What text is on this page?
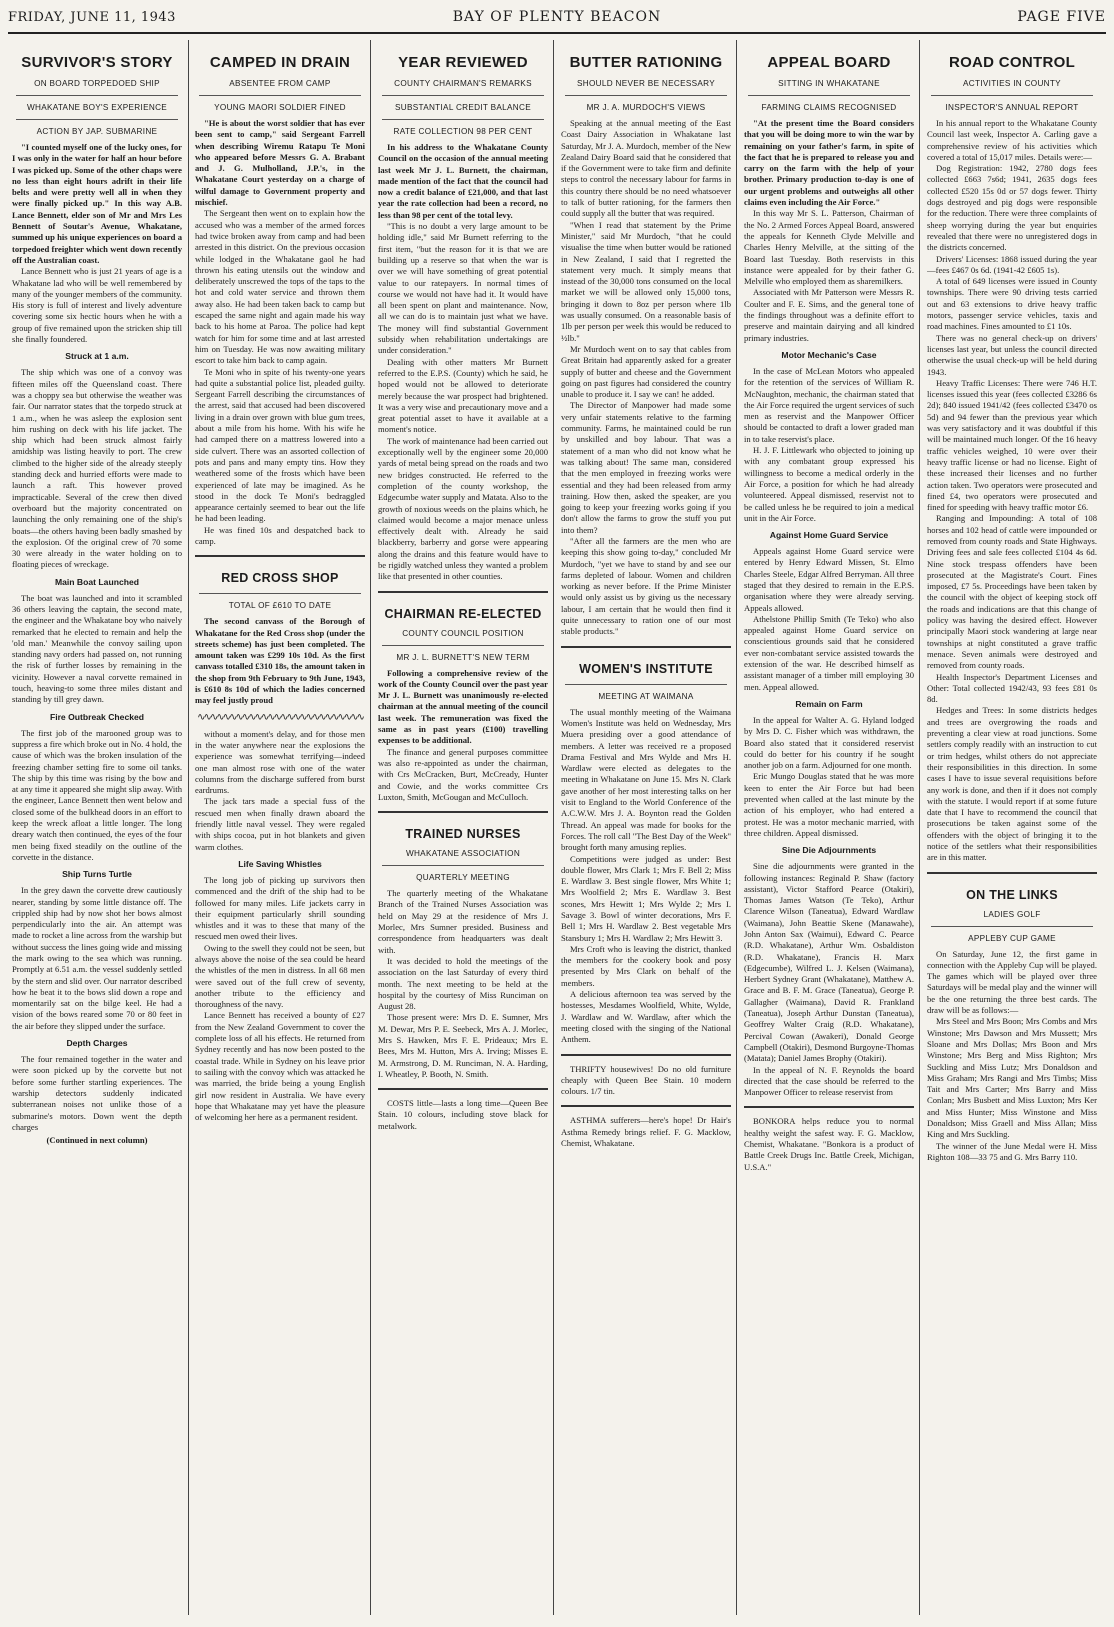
FRIDAY, JUNE 11, 1943	BAY OF PLENTY BEACON	PAGE FIVE
SURVIVOR'S STORY
ON BOARD TORPEDOED SHIP
WHAKATANE BOY'S EXPERIENCE
ACTION BY JAP. SUBMARINE

"I counted myself one of the lucky ones, for I was only in the water for half an hour before I was picked up. Some of the other chaps were no less than eight hours adrift in their life belts and were pretty well all in when they were finally picked up." In this way A.B. Lance Bennett, elder son of Mr and Mrs Les Bennett of Soutar's Avenue, Whakatane, summed up his unique experiences on board a torpedoed freighter which went down recently off the Australian coast.

Lance Bennett who is just 21 years of age is a Whakatane lad who will be well remembered by many of the younger members of the community. His story is full of interest and lively adventure covering some six hectic hours when he with a group of five remained upon the stricken ship till she finally foundered.

Struck at 1 a.m.

The ship which was one of a convoy was fifteen miles off the Queensland coast. There was a choppy sea but otherwise the weather was fair. Our narrator states that the torpedo struck at 1 a.m., when he was asleep the explosion sent him rushing on deck with his life jacket. The ship which had been struck almost fairly amidship was listing heavily to port. The crew climbed to the higher side of the already steeply standing deck and hurried efforts were made to launch a raft. This however proved impracticable. Several of the crew then dived overboard but the majority concentrated on launching the only remaining one of the ship's boats—the others having been badly smashed by the explosion. Of the original crew of 70 some 30 were already in the water holding on to floating pieces of wreckage.

Main Boat Launched

The boat was launched and into it scrambled 36 others leaving the captain, the second mate, the engineer and the Whakatane boy who naively remarked that he elected to remain and help the 'old man.' Meanwhile the convoy sailing upon standing navy orders had passed on, not running the risk of further losses by remaining in the vicinity. However a naval corvette remained in touch, heaving-to some three miles distant and standing by till grey dawn.

Fire Outbreak Checked

The first job of the marooned group was to suppress a fire which broke out in No. 4 hold, the cause of which was the broken insulation of the freezing chamber setting fire to some oil tanks. The ship by this time was rising by the bow and at any time it appeared she might slip away. With the engineer, Lance Bennett then went below and closed some of the bulkhead doors in an effort to keep the wreck afloat a little longer. The long dreary watch then continued, the eyes of the four men being fixed steadily on the outline of the corvette in the distance.

Ship Turns Turtle

In the grey dawn the corvette drew cautiously nearer, standing by some little distance off. The crippled ship had by now shot her bows almost perpendicularly into the air. An attempt was made to rocket a line across from the warship but without success the lines going wide and missing the mark owing to the sea which was running. Promptly at 6.51 a.m. the vessel suddenly settled by the stern and slid over. Our narrator described how he beat it to the bows slid down a rope and momentarily sat on the bilge keel. He had a vision of the bows reared some 70 or 80 feet in the air before they slipped under the surface.

Depth Charges

The four remained together in the water and were soon picked up by the corvette but not before some further startling experiences. The warship detectors suddenly indicated subterranean noises not unlike those of a submarine's motors. Down went the depth charges

(Continued in next column)
CAMPED IN DRAIN
ABSENTEE FROM CAMP
YOUNG MAORI SOLDIER FINED

"He is about the worst soldier that has ever been sent to camp," said Sergeant Farrell when describing Wiremu Ratapu Te Moni who appeared before Messrs G. A. Brabant and J. G. Mulholland, J.P.'s, in the Whakatane Court yesterday on a charge of wilful damage to Government property and mischief.

The Sergeant then went on to explain how the accused who was a member of the armed forces had twice broken away from camp and had been arrested in this district. On the previous occasion while lodged in the Whakatane gaol he had thrown his eating utensils out the window and deliberately unscrewed the tops of the taps to the hot and cold water service and thrown them away also. He had been taken back to camp but escaped the same night and again made his way back to his home at Paroa. The police had kept watch for him for some time and at last arrested him on Tuesday. He was now awaiting military escort to take him back to camp again.

Te Moni who in spite of his twenty-one years had quite a substantial police list, pleaded guilty. Sergeant Farrell describing the circumstances of the arrest, said that accused had been discovered living in a drain over grown with blue gum trees, about a mile from his home. With his wife he had camped there on a mattress lowered into a side culvert. There was an assorted collection of pots and pans and many empty tins. How they weathered some of the frosts which have been experienced of late may be imagined. As he stood in the dock Te Moni's bedraggled appearance certainly seemed to bear out the life he had been leading.

He was fined 10s and despatched back to camp.

RED CROSS SHOP
TOTAL OF £610 TO DATE

The second canvass of the Borough of Whakatane for the Red Cross shop (under the streets scheme) has just been completed. The amount taken was £299 10s 10d. As the first canvass totalled £310 18s, the amount taken in the shop from 9th February to 9th June, 1943, is £610 8s 10d of which the ladies concerned may feel justly proud

∿∿∿∿∿∿∿∿∿∿∿∿∿∿∿∿∿∿∿∿∿∿∿∿∿∿

without a moment's delay, and for those men in the water anywhere near the explosions the experience was somewhat terrifying—indeed one man almost rose with one of the water columns from the discharge suffered from burst eardrums.

The jack tars made a special fuss of the rescued men when finally drawn aboard the friendly little naval vessel. They were regaled with ships cocoa, put in hot blankets and given warm clothes.

Life Saving Whistles

The long job of picking up survivors then commenced and the drift of the ship had to be followed for many miles. Life jackets carry in their equipment particularly shrill sounding whistles and it was to these that many of the rescued men owed their lives.

Owing to the swell they could not be seen, but always above the noise of the sea could be heard the whistles of the men in distress. In all 68 men were saved out of the full crew of seventy, another tribute to the efficiency and thoroughness of the navy.

Lance Bennett has received a bounty of £27 from the New Zealand Government to cover the complete loss of all his effects. He returned from Sydney recently and has now been posted to the coastal trade. While in Sydney on his leave prior to sailing with the convoy which was attacked he was married, the bride being a young English girl now resident in Australia. We have every hope that Whakatane may yet have the pleasure of welcoming her here as a permanent resident.

YEAR REVIEWED
COUNTY CHAIRMAN'S REMARKS
SUBSTANTIAL CREDIT BALANCE
RATE COLLECTION 98 PER CENT

In his address to the Whakatane County Council on the occasion of the annual meeting last week Mr J. L. Burnett, the chairman, made mention of the fact that the council had now a credit balance of £21,000, and that last year the rate collection had been a record, no less than 98 per cent of the total levy.

"This is no doubt a very large amount to be holding idle," said Mr Burnett referring to the first item, "but the reason for it is that we are building up a reserve so that when the war is over we will have something of great potential value to our ratepayers. In normal times of course we would not have had it. It would have all been spent on plant and maintenance. Now, all we can do is to maintain just what we have. The money will find substantial Government subsidy when rehabilitation undertakings are under consideration."

Dealing with other matters Mr Burnett referred to the E.P.S. (County) which he said, he hoped would not be allowed to deteriorate merely because the war prospect had brightened. It was a very wise and precautionary move and a great potential asset to have it available at a moment's notice.

The work of maintenance had been carried out exceptionally well by the engineer some 20,000 yards of metal being spread on the roads and two new bridges constructed. He referred to the completion of the county workshop, the Edgecumbe water supply and Matata. Also to the growth of noxious weeds on the plains which, he claimed would become a major menace unless effectively dealt with. Already he said blackberry, barberry and gorse were appearing along the drains and this feature would have to be rigidly watched unless they wanted a problem like that presented in other counties.

CHAIRMAN RE-ELECTED
COUNTY COUNCIL POSITION
MR J. L. BURNETT'S NEW TERM

Following a comprehensive review of the work of the County Council over the past year Mr J. L. Burnett was unanimously re-elected chairman at the annual meeting of the council last week. The remuneration was fixed the same as in past years (£100) travelling expenses to be additional.

The finance and general purposes committee was also re-appointed as under the chairman, with Crs McCracken, Burt, McCready, Hunter and Cowie, and the works committee Crs Luxton, Smith, McGougan and McCulloch.

TRAINED NURSES
WHAKATANE ASSOCIATION
QUARTERLY MEETING

The quarterly meeting of the Whakatane Branch of the Trained Nurses Association was held on May 29 at the residence of Mrs J. Morlec, Mrs Sumner presided. Business and correspondence from headquarters was dealt with.

It was decided to hold the meetings of the association on the last Saturday of every third month. The next meeting to be held at the hospital by the courtesy of Miss Runciman on August 28.

Those present were: Mrs D. E. Sumner, Mrs M. Dewar, Mrs P. E. Seebeck, Mrs A. J. Morlec, Mrs S. Hawken, Mrs F. E. Prideaux; Mrs E. Bees, Mrs M. Hutton, Mrs A. Irving; Misses E. M. Armstrong, D. M. Runciman, N. A. Harding, I. Wheatley, P. Booth, N. Smith.

COSTS little—lasts a long time—Queen Bee Stain. 10 colours, including stove black for metalwork.

BUTTER RATIONING
SHOULD NEVER BE NECESSARY
MR J. A. MURDOCH'S VIEWS

Speaking at the annual meeting of the East Coast Dairy Association in Whakatane last Saturday, Mr J. A. Murdoch, member of the New Zealand Dairy Board said that he considered that if the Government were to take firm and definite steps to control the necessary labour for farms in this country there should be no need whatsoever to talk of butter rationing, for the farmers then could supply all the butter that was required.

"When I read that statement by the Prime Minister," said Mr Murdoch, "that he could visualise the time when butter would be rationed in New Zealand, I said that I regretted the statement very much. It simply means that instead of the 30,000 tons consumed on the local market we will be allowed only 15,000 tons, bringing it down to 8oz per person where 1lb was usually consumed. On a reasonable basis of 1lb per person per week this would be reduced to ½lb."

Mr Murdoch went on to say that cables from Great Britain had apparently asked for a greater supply of butter and cheese and the Government going on past figures had considered the country unable to produce it. I say we can! he added.

The Director of Manpower had made some very unfair statements relative to the farming community. Farms, he maintained could be run by unskilled and boy labour. That was a statement of a man who did not know what he was talking about! The same man, considered that the men employed in freezing works were essential and they had been released from army training. How then, asked the speaker, are you going to keep your freezing works going if you don't allow the farms to grow the stuff you put into them?

"After all the farmers are the men who are keeping this show going to-day," concluded Mr Murdoch, "yet we have to stand by and see our farms depleted of labour. Women and children working as never before. If the Prime Minister would only assist us by giving us the necessary labour, I am certain that he would then find it quite unnecessary to ration one of our most stable products."

WOMEN'S INSTITUTE
MEETING AT WAIMANA

The usual monthly meeting of the Waimana Women's Institute was held on Wednesday, Mrs Muera presiding over a good attendance of members. A letter was received re a proposed Drama Festival and Mrs Wylde and Mrs H. Wardlaw were elected as delegates to the meeting in Whakatane on June 15. Mrs N. Clark gave another of her most interesting talks on her visit to England to the World Conference of the A.C.W.W. Mrs J. A. Boynton read the Golden Thread. An appeal was made for books for the Forces. The roll call "The Best Day of the Week" brought forth many amusing replies.

Competitions were judged as under: Best double flower, Mrs Clark 1; Mrs F. Bell 2; Miss E. Wardlaw 3. Best single flower, Mrs White 1; Mrs Woolfield 2; Mrs E. Wardlaw 3. Best scones, Mrs Hewitt 1; Mrs Wylde 2; Mrs I. Savage 3. Bowl of winter decorations, Mrs F. Bell 1; Mrs H. Wardlaw 2. Best vegetable Mrs Stansbury 1; Mrs H. Wardlaw 2; Mrs Hewitt 3.

Mrs Croft who is leaving the district, thanked the members for the cookery book and posy presented by Mrs Clark on behalf of the members.

A delicious afternoon tea was served by the hostesses, Mesdames Woolfield, White, Wylde, J. Wardlaw and W. Wardlaw, after which the meeting closed with the singing of the National Anthem.

THRIFTY housewives! Do no old furniture cheaply with Queen Bee Stain. 10 modern colours. 1/7 tin.

ASTHMA sufferers—here's hope! Dr Hair's Asthma Remedy brings relief. F. G. Macklow, Chemist, Whakatane.

APPEAL BOARD
SITTING IN WHAKATANE
FARMING CLAIMS RECOGNISED

"At the present time the Board considers that you will be doing more to win the war by remaining on your father's farm, in spite of the fact that he is prepared to release you and carry on the farm with the help of your brother. Primary production to-day is one of our urgent problems and outweighs all other claims even including the Air Force."

In this way Mr S. L. Patterson, Chairman of the No. 2 Armed Forces Appeal Board, answered the appeals for Kenneth Clyde Melville and Charles Henry Melville, at the sitting of the Board last Tuesday. Both reservists in this instance were appealed for by their father G. Melville who employed them as sharemilkers.

Associated with Mr Patterson were Messrs R. Coulter and F. E. Sims, and the general tone of the findings throughout was a definite effort to preserve and maintain dairying and all kindred primary industries.

Motor Mechanic's Case

In the case of McLean Motors who appealed for the retention of the services of William R. McNaughton, mechanic, the chairman stated that the Air Force required the urgent services of such men as reservist and the Manpower Officer should be contacted to draft a lower graded man in to take reservist's place.

H. J. F. Littlewark who objected to joining up with any combatant group expressed his willingness to become a medical orderly in the Air Force, a position for which he had already volunteered. Appeal dismissed, reservist not to be called unless he be required to join a medical unit in the Air Force.

Against Home Guard Service

Appeals against Home Guard service were entered by Henry Edward Missen, St. Elmo Charles Steele, Edgar Alfred Berryman. All three staged that they desired to remain in the E.P.S. organisation where they were already serving. Appeals allowed.

Athelstone Phillip Smith (Te Teko) who also appealed against Home Guard service on conscientious grounds said that he considered ever non-combatant service assisted towards the extension of the war. He described himself as assistant manager of a timber mill employing 30 men. Appeal allowed.

Remain on Farm

In the appeal for Walter A. G. Hyland lodged by Mrs D. C. Fisher which was withdrawn, the Board also stated that it considered reservist could do better for his country if he sought another job on a farm. Adjourned for one month.

Eric Mungo Douglas stated that he was more keen to enter the Air Force but had been prevented when called at the last minute by the action of his employer, who had entered a protest. He was a motor mechanic married, with three children. Appeal dismissed.

Sine Die Adjournments

Sine die adjournments were granted in the following instances: Reginald P. Shaw (factory assistant), Victor Stafford Pearce (Otakiri), Thomas James Watson (Te Teko), Arthur Clarence Wilson (Taneatua), Edward Wardlaw (Waimana), John Beattie Skene (Manawahe), John Anton Sax (Waimui), Edward C. Pearce (R.D. Whakatane), Arthur Wm. Osbaldiston (R.D. Whakatane), Francis H. Marx (Edgecumbe), Wilfred L. J. Kelsen (Waimana), Herbert Sydney Grant (Whakatane), Matthew A. Grace and B. F. M. Grace (Taneatua), George P. Gallagher (Waimana), David R. Frankland (Taneatua), Joseph Arthur Dunstan (Taneatua), Geoffrey Walter Craig (R.D. Whakatane), Percival Cowan (Awakeri), Donald George Campbell (Otakiri), Desmond Burgoyne-Thomas (Matata); Daniel James Brophy (Otakiri).

In the appeal of N. F. Reynolds the board directed that the case should be referred to the Manpower Officer to release reservist from

BONKORA helps reduce you to normal healthy weight the safest way. F. G. Macklow, Chemist, Whakatane. "Bonkora is a product of Battle Creek Drugs Inc. Battle Creek, Michigan, U.S.A."

ROAD CONTROL
ACTIVITIES IN COUNTY
INSPECTOR'S ANNUAL REPORT

In his annual report to the Whakatane County Council last week, Inspector A. Carling gave a comprehensive review of his activities which covered a total of 15,017 miles. Details were:—

Dog Registration: 1942, 2780 dogs fees collected £663 7s6d; 1941, 2635 dogs fees collected £520 15s 0d or 57 dogs fewer. Thirty dogs destroyed and pig dogs were responsible for the reduction. There were three complaints of sheep worrying during the year but enquiries revealed that there were no unregistered dogs in the districts concerned.

Drivers' Licenses: 1868 issued during the year—fees £467 0s 6d. (1941-42 £605 1s).

A total of 649 licenses were issued in County townships. There were 90 driving tests carried out and 63 extensions to drive heavy traffic motors, passenger service vehicles, taxis and road machines. Fines amounted to £1 10s.

There was no general check-up on drivers' licenses last year, but unless the council directed otherwise the usual check-up will be held during 1943.

Heavy Traffic Licenses: There were 746 H.T. licenses issued this year (fees collected £3286 6s 2d); 840 issued 1941/42 (fees collected £3470 os 5d) and 94 fewer than the previous year which was very satisfactory and it was doubtful if this will be maintained much longer. Of the 16 heavy traffic vehicles weighed, 10 were over their heavy traffic license or had no license. Eight of these increased their licenses and no further action taken. Two operators were prosecuted and fined £4, two operators were prosecuted and fined for speeding with heavy traffic motor £6.

Ranging and Impounding: A total of 108 horses and 102 head of cattle were impounded or removed from county roads and State Highways. Driving fees and sale fees collected £104 4s 6d. Nine stock trespass offenders have been prosecuted at the Magistrate's Court. Fines imposed, £7 5s. Proceedings have been taken by the council with the object of keeping stock off the roads and indications are that this change of policy was having the desired effect. However principally Maori stock wandering at large near townships at night constituted a grave traffic menace. Seven animals were destroyed and removed from county roads.

Health Inspector's Department Licenses and Other: Total collected 1942/43, 93 fees £81 0s 8d.

Hedges and Trees: In some districts hedges and trees are overgrowing the roads and preventing a clear view at road junctions. Some settlers comply readily with an instruction to cut or trim hedges, whilst others do not appreciate their responsibilities in this direction. In some cases I have to issue several requisitions before any work is done, and then if it does not comply with the statute. I would report if at some future date that I have to recommend the council that prosecutions be taken against some of the offenders with the object of bringing it to the notice of the settlers what their responsibilities are in this matter.

ON THE LINKS
LADIES GOLF
APPLEBY CUP GAME

On Saturday, June 12, the first game in connection with the Appleby Cup will be played. The games which will be played over three Saturdays will be medal play and the winner will be the one returning the three best cards. The draw will be as follows:—

Mrs Steel and Mrs Boon; Mrs Combs and Mrs Winstone; Mrs Dawson and Mrs Mussett; Mrs Sloane and Mrs Dollas; Mrs Boon and Mrs Winstone; Mrs Berg and Miss Righton; Mrs Suckling and Miss Lutz; Mrs Donaldson and Miss Graham; Mrs Rangi and Mrs Timbs; Miss Tait and Mrs Carter; Mrs Barry and Miss Conlan; Mrs Busbett and Miss Luxton; Mrs Ker and Miss Hunter; Miss Winstone and Miss Donaldson; Miss Graell and Miss Allan; Miss King and Mrs Suckling.

The winner of the June Medal were H. Miss Righton 108—33 75 and G. Mrs Barry 110.
